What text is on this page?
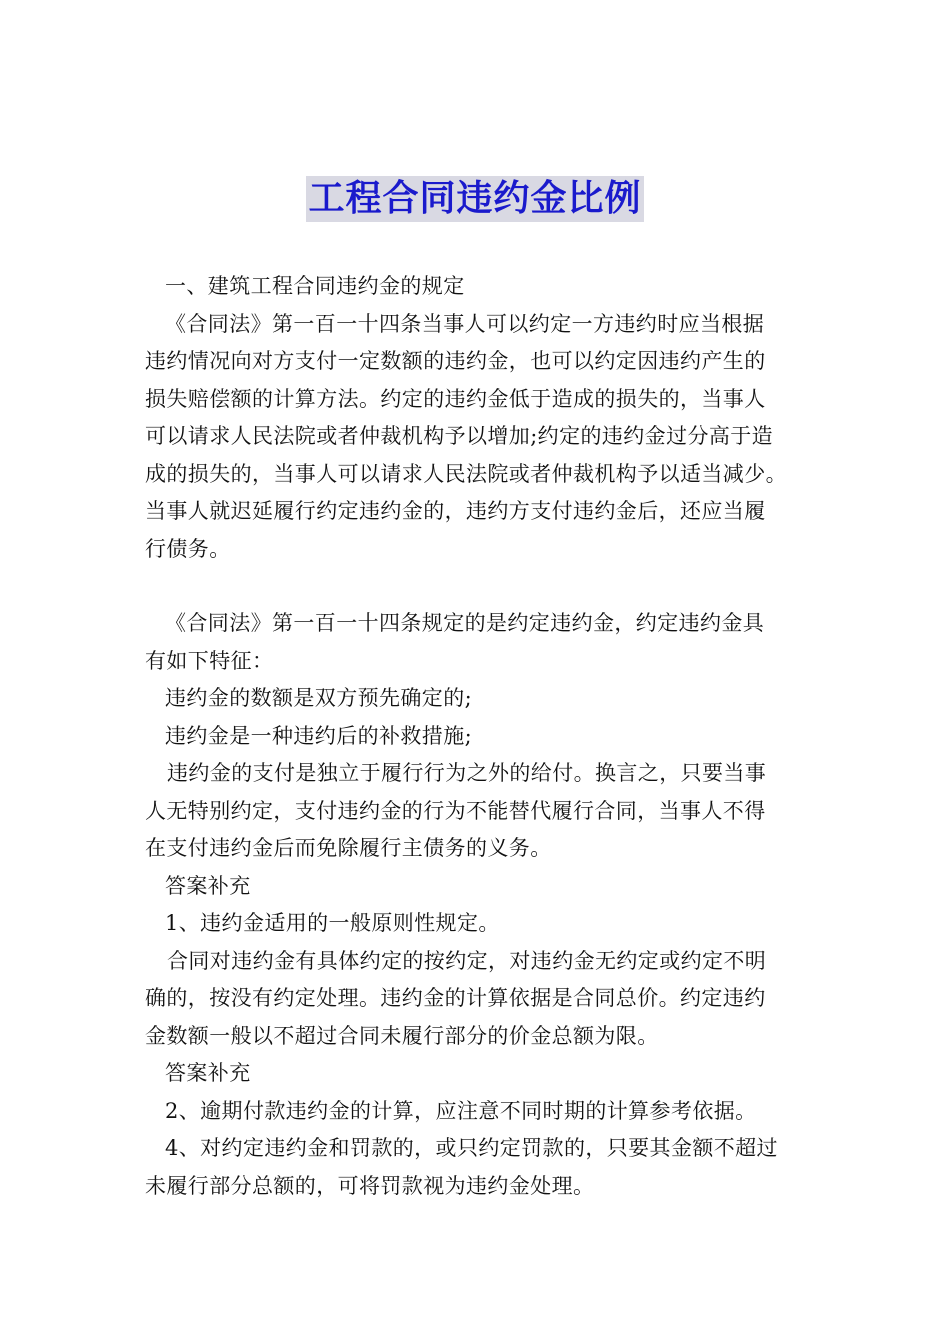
工程合同违约金比例

一、建筑工程合同违约金的规定

《合同法》第一百一十四条当事人可以约定一方违约时应当根据

违约情况向对方支付一定数额的违约金，也可以约定因违约产生的

损失赔偿额的计算方法。约定的违约金低于造成的损失的，当事人

可以请求人民法院或者仲裁机构予以增加;约定的违约金过分高于造

成的损失的，当事人可以请求人民法院或者仲裁机构予以适当减少。

当事人就迟延履行约定违约金的，违约方支付违约金后，还应当履

行债务。

《合同法》第一百一十四条规定的是约定违约金，约定违约金具

有如下特征：

违约金的数额是双方预先确定的;

违约金是一种违约后的补救措施;

违约金的支付是独立于履行行为之外的给付。换言之，只要当事

人无特别约定，支付违约金的行为不能替代履行合同，当事人不得

在支付违约金后而免除履行主债务的义务。

答案补充

1、违约金适用的一般原则性规定。

合同对违约金有具体约定的按约定，对违约金无约定或约定不明

确的，按没有约定处理。违约金的计算依据是合同总价。约定违约

金数额一般以不超过合同未履行部分的价金总额为限。

答案补充

2、逾期付款违约金的计算，应注意不同时期的计算参考依据。

4、对约定违约金和罚款的，或只约定罚款的，只要其金额不超过

未履行部分总额的，可将罚款视为违约金处理。
